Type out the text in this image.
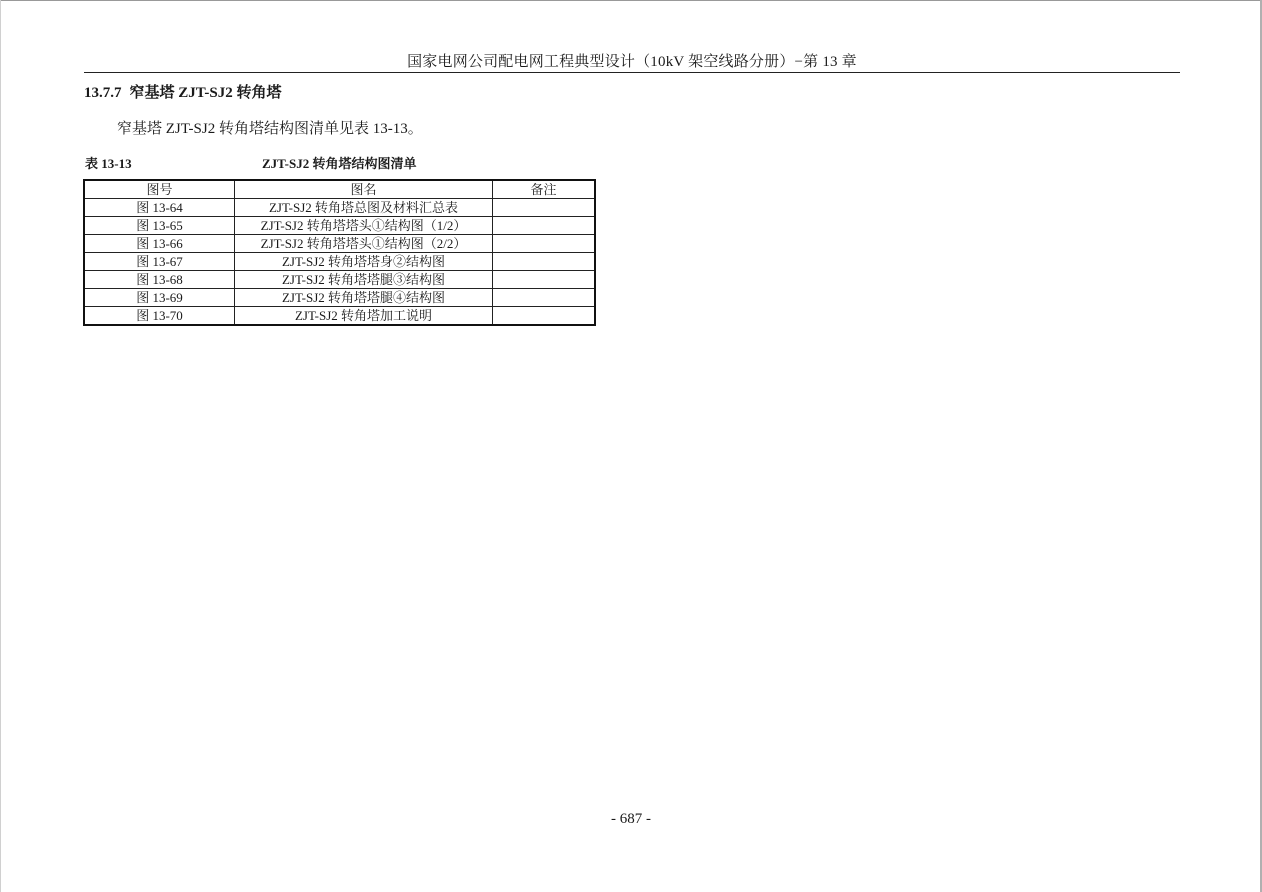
国家电网公司配电网工程典型设计（10kV 架空线路分册）−第 13 章
13.7.7 窄基塔 ZJT-SJ2 转角塔
窄基塔 ZJT-SJ2 转角塔结构图清单见表 13-13。
表 13-13	ZJT-SJ2 转角塔结构图清单
图号	图名	备注
图 13-64	ZJT-SJ2 转角塔总图及材料汇总表	
图 13-65	ZJT-SJ2 转角塔塔头①结构图（1/2）	
图 13-66	ZJT-SJ2 转角塔塔头①结构图（2/2）	
图 13-67	ZJT-SJ2 转角塔塔身②结构图	
图 13-68	ZJT-SJ2 转角塔塔腿③结构图	
图 13-69	ZJT-SJ2 转角塔塔腿④结构图	
图 13-70	ZJT-SJ2 转角塔加工说明	
- 687 -
